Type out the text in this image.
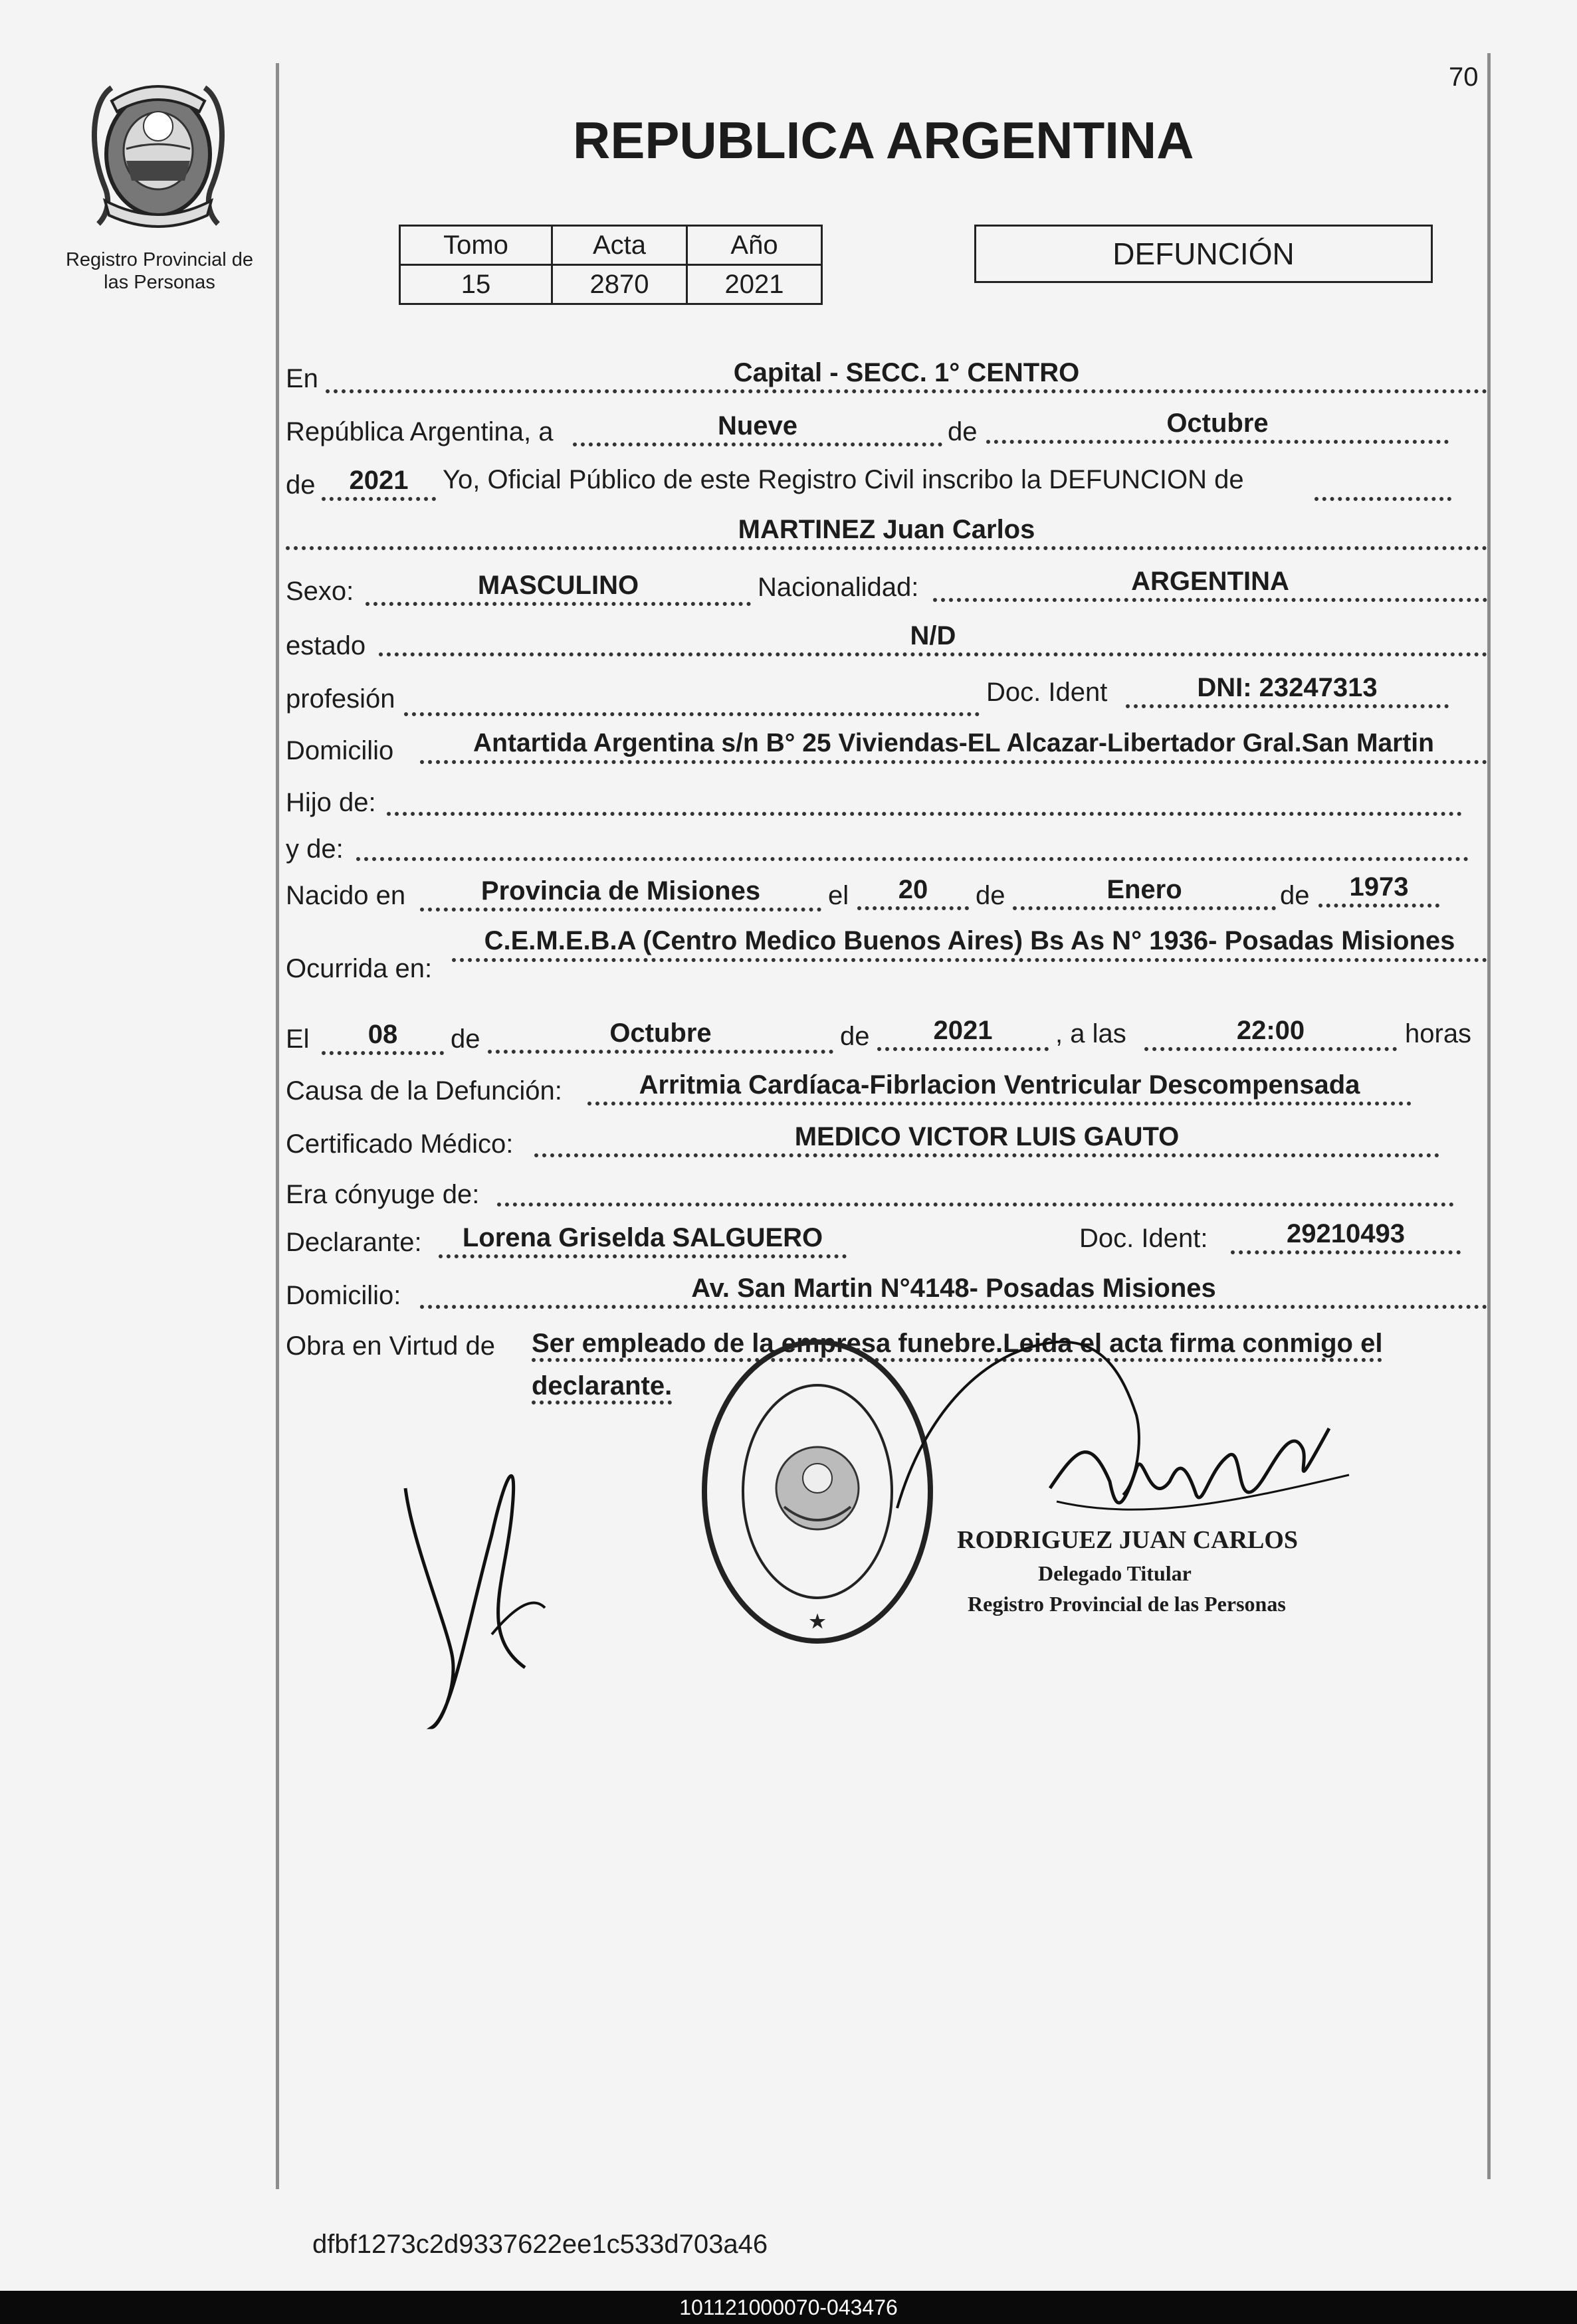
Registro Provincial de
las Personas
70
REPUBLICA ARGENTINA
Tomo	Acta	Año
15	2870	2021
DEFUNCIÓN
En	Capital - SECC. 1° CENTRO
República Argentina, a	Nueve	de	Octubre
de	2021	Yo, Oficial Público de este Registro Civil inscribo la DEFUNCION de
MARTINEZ Juan Carlos
Sexo:	MASCULINO	Nacionalidad:	ARGENTINA
estado	N/D
profesión	Doc. Ident	DNI: 23247313
Domicilio	Antartida Argentina s/n B° 25 Viviendas-EL Alcazar-Libertador Gral.San Martin
Hijo de:
y de:
Nacido en	Provincia de Misiones	el	20	de	Enero	de	1973
Ocurrida en:
C.E.M.E.B.A (Centro Medico Buenos Aires) Bs As N° 1936- Posadas Misiones
El	08	de	Octubre	de	2021	, a las	22:00	horas
Causa de la Defunción:	Arritmia Cardíaca-Fibrlacion Ventricular Descompensada
Certificado Médico:	MEDICO VICTOR LUIS GAUTO
Era cónyuge de:
Declarante:	Lorena Griselda SALGUERO	Doc. Ident:	29210493
Domicilio:	Av. San Martin N°4148- Posadas Misiones
Obra en Virtud de Ser empleado de la empresa funebre.Leida el acta firma conmigo el declarante.
★
RODRIGUEZ JUAN CARLOS
Delegado Titular
Registro Provincial de las Personas
dfbf1273c2d9337622ee1c533d703a46
101121000070-043476
